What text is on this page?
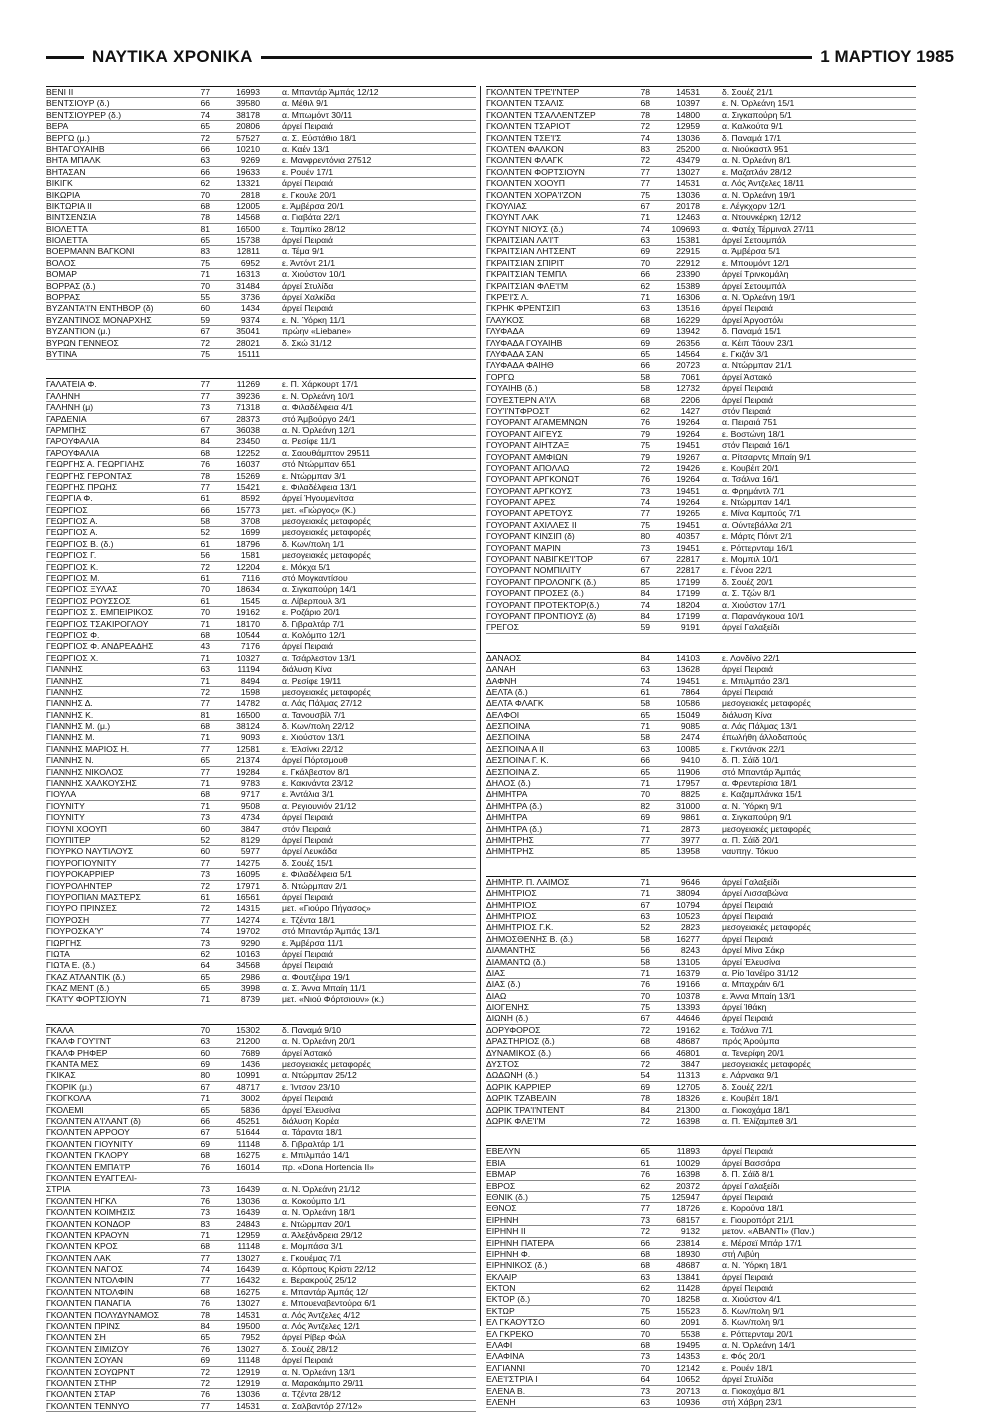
ΝΑΥΤΙΚΑ ΧΡΟΝΙΚΑ	1 ΜΑΡΤΙΟΥ 1985
ΒΕΝΙ ΙΙ	77	16993	α. Μπαντάρ Άμπάς 12/12
ΒΕΝΤΣΙΟΥΡ (δ.)	66	39580	α. Μέθιλ 9/1
ΒΕΝΤΣΙΟΥΡΕΡ (δ.)	74	38178	α. Μπωμόντ 30/11
ΒΕΡΑ	65	20806	άργεί Πειραιά
ΒΕΡΓΩ (μ.)	72	57527	α. Σ. Εύστάθιο 18/1
ΒΗΤΑΓΟΥΑΙΗΒ	66	10210	α. Καέν 13/1
ΒΗΤΑ ΜΠΑΛΚ	63	9269	ε. Μανφρεντόνια 27512
ΒΗΤΑΣΑΝ	66	19633	ε. Ρουέν 17/1
ΒΙΚΙΓΚ	62	13321	άργεί Πειραιά
ΒΙΚΩΡΙΑ	70	2818	ε. Γκουλε 20/1
ΒΙΚΤΩΡΙΑ ΙΙ	68	12005	ε. Άμβέρσα 20/1
ΒΙΝΤΣΕΝΣΙΑ	78	14568	α. Γιαβάτα 22/1
ΒΙΟΛΕΤΤΑ	81	16500	ε. Ταμπίκο 28/12
ΒΙΟΛΕΤΤΑ	65	15738	άργεί Πειραιά
ΒΟΕΡΜΑΝΝ ΒΑΓΚΟΝΙ	83	12811	α. Τέμα 9/1
ΒΟΛΟΣ	75	6952	ε. Άντόντ 21/1
ΒΟΜΑΡ	71	16313	α. Χιούστον 10/1
ΒΟΡΡΑΣ (δ.)	70	31484	άργεί Στυλίδα
ΒΟΡΡΑΣ	55	3736	άργεί Χαλκίδα
ΒΥΖΑΝΤΑ'Ι'Ν ΕΝΤΗΒΟΡ (δ)	60	1434	άργεί Πειραιά
ΒΥΖΑΝΤΙΝΟΣ ΜΟΝΑΡΧΗΣ	59	9374	ε. Ν. Ύόρκη 11/1
ΒΥΖΑΝΤΙΟΝ (μ.)	67	35041	πρώην «Liebane»
ΒΥΡΩΝ ΓΕΝΝΕΟΣ	72	28021	δ. Σκώ 31/12
ΒΥΤΙΝΑ	75	15111
ΓΑΛΑΤΕΙΑ Φ.	77	11269	ε. Π. Χάρκουρτ 17/1
ΓΑΛΗΝΗ	77	39236	ε. Ν. Όρλεάνη 10/1
ΓΑΛΗΝΗ (μ)	73	71318	α. Φιλαδέλφεια 4/1
ΓΑΡΔΕΝΙΑ	67	28373	στό Άμβούργο 24/1
ΓΑΡΜΠΗΣ	67	36038	α. Ν. Όρλεάνη 12/1
ΓΑΡΟΥΦΑΛΙΑ	84	23450	α. Ρεσίφε 11/1
ΓΑΡΟΥΦΑΛΙΑ	68	12252	α. Σαουθάμπτον 29511
ΓΕΩΡΓΗΣ Α. ΓΕΩΡΓΙΛΗΣ	76	16037	στό Ντώρμπαν 651
ΓΕΩΡΓΗΣ ΓΕΡΟΝΤΑΣ	78	15269	ε. Ντώρμπαν 3/1
ΓΕΩΡΓΗΣ ΠΡΩΗΣ	77	15421	ε. Φιλαδέλφεια 13/1
ΓΕΩΡΓΙΑ Φ.	61	8592	άργεί Ήγουμενίτσα
ΓΕΩΡΓΙΟΣ	66	15773	μετ. «Γιώργος» (Κ.)
ΓΕΩΡΓΙΟΣ Α.	58	3708	μεσογειακές μεταφορές
ΓΕΩΡΓΙΟΣ Α.	52	1699	μεσογειακές μεταφορές
ΓΕΩΡΓΙΟΣ Β. (δ.)	61	18796	δ. Κων/πολη 1/1
ΓΕΩΡΓΙΟΣ Γ.	56	1581	μεσογειακές μεταφορές
ΓΕΩΡΓΙΟΣ Κ.	72	12204	ε. Μόκχα 5/1
ΓΕΩΡΓΙΟΣ Μ.	61	7116	στό Μογκαντίσου
ΓΕΩΡΓΙΟΣ ΞΥΛΑΣ	70	18634	α. Σιγκαπούρη 14/1
ΓΕΩΡΓΙΟΣ ΡΟΥΣΣΟΣ	61	1545	α. Λίβερπουλ 3/1
ΓΕΩΡΓΙΟΣ Σ. ΕΜΠΕΙΡΙΚΟΣ	70	19162	ε. Ροζάριο 20/1
ΓΕΩΡΓΙΟΣ ΤΣΑΚΙΡΟΓΛΟΥ	71	18170	δ. Γιβραλτάρ 7/1
ΓΕΩΡΓΙΟΣ Φ.	68	10544	α. Κολόμπο 12/1
ΓΕΩΡΓΙΟΣ Φ. ΑΝΔΡΕΑΔΗΣ	43	7176	άργεί Πειραιά
ΓΕΩΡΓΙΟΣ Χ.	71	10327	α. Τσάρλεστον 13/1
ΓΙΑΝΝΗΣ	63	11194	διάλυση Κίνα
ΓΙΑΝΝΗΣ	71	8494	α. Ρεσίφε 19/11
ΓΙΑΝΝΗΣ	72	1598	μεσογειακές μεταφορές
ΓΙΑΝΝΗΣ Δ.	77	14782	α. Λάς Πάλμας 27/12
ΓΙΑΝΝΗΣ Κ.	81	16500	α. Τανουσβίλ 7/1
ΓΙΑΝΝΗΣ Μ. (μ.)	68	38124	δ. Κων/πολη 22/12
ΓΙΑΝΝΗΣ Μ.	71	9093	ε. Χιούστον 13/1
ΓΙΑΝΝΗΣ ΜΑΡΙΟΣ Η.	77	12581	ε. Έλσίνκι 22/12
ΓΙΑΝΝΗΣ Ν.	65	21374	άργεί Πόρτσμουθ
ΓΙΑΝΝΗΣ ΝΙΚΟΛΟΣ	77	19284	ε. Γκάλβεστον 8/1
ΓΙΑΝΝΗΣ ΧΑΛΚΟΥΣΗΣ	71	9783	ε. Κακινάντα 23/12
ΓΙΟΥΛΑ	68	9717	ε. Άντάλια 3/1
ΓΙΟΥΝΙΤΥ	71	9508	α. Ρεγιουνιόν 21/12
ΓΙΟΥΝΙΤΥ	73	4734	άργεί Πειραιά
ΓΙΟΥΝΙ ΧΟΟΥΠ	60	3847	στόν Πειραιά
ΓΙΟΥΠΙΤΕΡ	52	8129	άργεί Πειραιά
ΓΙΟΥΡΚΟ ΝΑΥΤΙΛΟΥΣ	60	5977	άργεί Λευκάδα
ΓΙΟΥΡΟΓΙΟΥΝΙΤΥ	77	14275	δ. Σουέζ 15/1
ΓΙΟΥΡΟΚΑΡΡΙΕΡ	73	16095	ε. Φιλαδέλφεια 5/1
ΓΙΟΥΡΟΛΗΝΤΕΡ	72	17971	δ. Ντώρμπαν 2/1
ΓΙΟΥΡΟΠΙΑΝ ΜΑΣΤΕΡΣ	61	16561	άργεί Πειραιά
ΓΙΟΥΡΟ ΠΡΙΝΣΕΣ	72	14315	μετ. «Γιούρο Πήγασος»
ΓΙΟΥΡΟΣΗ	77	14274	ε. Τζέντα 18/1
ΓΙΟΥΡΟΣΚΑ'Υ'	74	19702	στό Μπαντάρ Άμπάς 13/1
ΓΙΩΡΓΗΣ	73	9290	ε. Άμβέρσα 11/1
ΓΙΩΤΑ	62	10163	άργεί Πειραιά
ΓΙΩΤΑ Ε. (δ.)	64	34568	άργεί Πειραιά
ΓΚΑΖ ΑΤΛΑΝΤΙΚ (δ.)	65	2986	α. Φουτζέιρα 19/1
ΓΚΑΖ ΜΕΝΤ (δ.)	65	3998	α. Σ. Άννα Μπαίη 11/1
ΓΚΑ'Ι'Υ ΦΟΡΤΣΙΟΥΝ	71	8739	μετ. «Νιού Φόρτσιουν» (κ.)
ΓΚΑΛΑ	70	15302	δ. Παναμά 9/10
ΓΚΑΛΦ ΓΟΥ'Ι'ΝΤ	63	21200	α. Ν. Όρλεάνη 20/1
ΓΚΑΛΦ ΡΗΦΕΡ	60	7689	άργεί Άστακό
ΓΚΑΝΤΑ ΜΕΣ	69	1436	μεσογειακές μεταφορές
ΓΚΙΚΑΣ	80	10991	α. Ντώρμπαν 25/12
ΓΚΟΡΙΚ (μ.)	67	48717	ε. Ίντσον 23/10
ΓΚΟΓΚΟΛΑ	71	3002	άργεί Πειραιά
ΓΚΟΛΕΜΙ	65	5836	άργεί Έλευσίνα
ΓΚΟΛΝΤΕΝ Α'Ι'ΛΑΝΤ (δ)	66	45251	διάλυση Κορέα
ΓΚΟΛΝΤΕΝ ΑΡΡΟΟΥ	67	51644	α. Τάραντα 18/1
ΓΚΟΛΝΤΕΝ ΓΙΟΥΝΙΤΥ	69	11148	δ. Γιβραλτάρ 1/1
ΓΚΟΛΝΤΕΝ ΓΚΛΟΡΥ	68	16275	ε. Μπιλμπάο 14/1
ΓΚΟΛΝΤΕΝ ΕΜΠΑ'Ι'Ρ	76	16014	πρ. «Dona Hortencia II»
ΓΚΟΛΝΤΕΝ ΕΥΑΓΓΕΛΙ-
ΣΤΡΙΑ	73	16439	α. Ν. Όρλεάνη 21/12
ΓΚΟΛΝΤΕΝ ΗΓΚΛ	76	13036	α. Κοκούμπο 1/1
ΓΚΟΛΝΤΕΝ ΚΟΙΜΗΣΙΣ	73	16439	α. Ν. Όρλεάνη 18/1
ΓΚΟΛΝΤΕΝ ΚΟΝΔΟΡ	83	24843	ε. Ντώρμπαν 20/1
ΓΚΟΛΝΤΕΝ ΚΡΑΟΥΝ	71	12959	α. Άλεξάνδρεια 29/12
ΓΚΟΛΝΤΕΝ ΚΡΟΣ	68	11148	ε. Μομπάσα 3/1
ΓΚΟΛΝΤΕΝ ΛΑΚ	77	13027	ε. Γκουέμας 7/1
ΓΚΟΛΝΤΕΝ ΝΑΓΟΣ	74	16439	α. Κόρπους Κρίστι 22/12
ΓΚΟΛΝΤΕΝ ΝΤΟΛΦΙΝ	77	16432	ε. Βερακρούζ 25/12
ΓΚΟΛΝΤΕΝ ΝΤΟΛΦΙΝ	68	16275	ε. Μπαντάρ Άμπάς 12/
ΓΚΟΛΝΤΕΝ ΠΑΝΑΓΙΑ	76	13027	ε. Μπουεναβεντούρα 6/1
ΓΚΟΛΝΤΕΝ ΠΟΛΥΔΥΝΑΜΟΣ	78	14531	α. Λός Άντζελες 4/12
ΓΚΟΛΝΤΕΝ ΠΡΙΝΣ	84	19500	α. Λός Άντζελες 12/1
ΓΚΟΛΝΤΕΝ ΣΗ	65	7952	άργεί Ρίβερ Φώλ
ΓΚΟΛΝΤΕΝ ΣΙΜΙΖΟΥ	76	13027	δ. Σουέζ 28/12
ΓΚΟΛΝΤΕΝ ΣΟΥΑΝ	69	11148	άργεί Πειραιά
ΓΚΟΛΝΤΕΝ ΣΟΥΩΡΝΤ	72	12919	α. Ν. Όρλεάνη 13/1
ΓΚΟΛΝΤΕΝ ΣΤΗΡ	72	12919	α. Μαρακάιμπο 29/11
ΓΚΟΛΝΤΕΝ ΣΤΑΡ	76	13036	α. Τζέντα 28/12
ΓΚΟΛΝΤΕΝ ΤΕΝΝΥΟ	77	14531	α. Σαλβαντόρ 27/12»
ΓΚΟΛΝΤΕΝ ΤΡΕ'Ι'ΝΤΕΡ	78	14531	δ. Σουέζ 21/1
ΓΚΟΛΝΤΕΝ ΤΣΑΛΙΣ	68	10397	ε. Ν. Όρλεάνη 15/1
ΓΚΟΛΝΤΕΝ ΤΣΑΛΛΕΝΤΖΕΡ	78	14800	α. Σιγκαπούρη 5/1
ΓΚΟΛΝΤΕΝ ΤΣΑΡΙΟΤ	72	12959	α. Καλκούτα 9/1
ΓΚΟΛΝΤΕΝ ΤΣΕ'Ι'Σ	74	13036	δ. Παναμά 17/1
ΓΚΟΛΤΕΝ ΦΑΛΚΟΝ	83	25200	α. Νιούκαστλ 951
ΓΚΟΛΝΤΕΝ ΦΛΑΓΚ	72	43479	α. Ν. Όρλεάνη 8/1
ΓΚΟΛΝΤΕΝ ΦΟΡΤΣΙΟΥΝ	77	13027	ε. Μαζατλάν 28/12
ΓΚΟΛΝΤΕΝ ΧΟΟΥΠ	77	14531	α. Λός Άντζελες 18/11
ΓΚΟΛΝΤΕΝ ΧΟΡΑ'Ι'ΖΟΝ	75	13036	α. Ν. Όρλεάνη 19/1
ΓΚΟΥΛΙΑΣ	67	20178	ε. Λέγκχορν 12/1
ΓΚΟΥΝΤ ΛΑΚ	71	12463	α. Ντουνκέρκη 12/12
ΓΚΟΥΝΤ ΝΙΟΥΣ (δ.)	74	109693	α. Φατέχ Τέρμιναλ 27/11
ΓΚΡΑΙΤΣΙΑΝ ΛΑ'Ι'Τ	63	15381	άργεί Σετουμπάλ
ΓΚΡΑΙΤΣΙΑΝ ΛΗΤΣΕΝΤ	69	22915	α. Άμβέρσα 5/1
ΓΚΡΑΙΤΣΙΑΝ ΣΠΙΡΙΤ	70	22912	ε. Μπουμόντ 12/1
ΓΚΡΑΙΤΣΙΑΝ ΤΕΜΠΛ	66	23390	άργεί Τρινκομάλη
ΓΚΡΑΙΤΣΙΑΝ ΦΛΕ'Ι'Μ	62	15389	άργεί Σετουμπάλ
ΓΚΡΕ'Ι'Σ Λ.	71	16306	α. Ν. Όρλεάνη 19/1
ΓΚΡΗΚ ΦΡΕΝΤΣΙΠ	63	13516	άργεί Πειραιά
ΓΛΑΥΚΟΣ	68	16229	άργεί Άργοστόλι
ΓΛΥΦΑΔΑ	69	13942	δ. Παναμά 15/1
ΓΛΥΦΑΔΑ ΓΟΥΑΙΗΒ	69	26356	α. Κέιπ Τάουν 23/1
ΓΛΥΦΑΔΑ ΣΑΝ	65	14564	ε. Γκιζάν 3/1
ΓΛΥΦΑΔΑ ΦΑΙΗΘ	66	20723	α. Ντώρμπαν 21/1
ΓΟΡΓΩ	58	7061	άργεί Άστακό
ΓΟΥΑΙΗΒ (δ.)	58	12732	άργεί Πειραιά
ΓΟΥΕΣΤΕΡΝ Α'Ι'Λ	68	2206	άργεί Πειραιά
ΓΟΥ'Ι'ΝΤΦΡΟΣΤ	62	1427	στόν Πειραιά
ΓΟΥΟΡΑΝΤ ΑΓΑΜΕΜΝΩΝ	76	19264	α. Πειραιά 751
ΓΟΥΟΡΑΝΤ ΑΙΓΕΥΣ	79	19264	ε. Βοστώνη 18/1
ΓΟΥΟΡΑΝΤ ΑΙΗΤΖΑΞ	75	19451	στόν Πειραιά 16/1
ΓΟΥΟΡΑΝΤ ΑΜΦΙΩΝ	79	19267	α. Ρίτσαρντς Μπαίη 9/1
ΓΟΥΟΡΑΝΤ ΑΠΟΛΛΩ	72	19426	ε. Κουβέιτ 20/1
ΓΟΥΟΡΑΝΤ ΑΡΓΚΟΝΩΤ	76	19264	α. Τσάλνα 16/1
ΓΟΥΟΡΑΝΤ ΑΡΓΚΟΥΣ	73	19451	α. Φρημάντλ 7/1
ΓΟΥΟΡΑΝΤ ΑΡΕΣ	74	19264	ε. Ντώρμπαν 14/1
ΓΟΥΟΡΑΝΤ ΑΡΕΤΟΥΣ	77	19265	ε. Μίνα Καμπούς 7/1
ΓΟΥΟΡΑΝΤ ΑΧΙΛΛΕΣ ΙΙ	75	19451	α. Ούντεβάλλα 2/1
ΓΟΥΟΡΑΝΤ ΚΙΝΣΙΠ (δ)	80	40357	ε. Μάρτς Πόιντ 2/1
ΓΟΥΟΡΑΝΤ ΜΑΡΙΝ	73	19451	ε. Ρόττερνταμ 16/1
ΓΟΥΟΡΑΝΤ ΝΑΒΙΓΚΕ'Ι'ΤΟΡ	67	22817	ε. Μομπιλ 10/1
ΓΟΥΟΡΑΝΤ ΝΟΜΠΙΛΙΤΥ	67	22817	ε. Γένοα 22/1
ΓΟΥΟΡΑΝΤ ΠΡΟΛΟΝΓΚ (δ.)	85	17199	δ. Σουέζ 20/1
ΓΟΥΟΡΑΝΤ ΠΡΟΣΕΣ (δ.)	84	17199	α. Σ. Τζών 8/1
ΓΟΥΟΡΑΝΤ ΠΡΟΤΕΚΤΟΡ(δ.)	74	18204	α. Χιούστον 17/1
ΓΟΥΟΡΑΝΤ ΠΡΟΝΤΙΟΥΣ (δ)	84	17199	α. Παρανάγκουα 10/1
ΓΡΕΓΟΣ	59	9191	άργεί Γαλαξείδι
ΔΑΝΑΟΣ	84	14103	ε. Λονδίνο 22/1
ΔΑΝΑΗ	63	13628	άργεί Πειραιά
ΔΑΦΝΗ	74	19451	ε. Μπιλμπάο 23/1
ΔΕΛΤΑ (δ.)	61	7864	άργεί Πειραιά
ΔΕΛΤΑ ΦΛΑΓΚ	58	10586	μεσογειακές μεταφορές
ΔΕΛΦΟΙ	65	15049	διάλυση Κίνα
ΔΕΣΠΟΙΝΑ	71	9085	α. Λάς Πάλμας 13/1
ΔΕΣΠΟΙΝΑ	58	2474	έπωλήθη άλλοδαπούς
ΔΕΣΠΟΙΝΑ Α ΙΙ	63	10085	ε. Γκντάνσκ 22/1
ΔΕΣΠΟΙΝΑ Γ. Κ.	66	9410	δ. Π. Σάϊδ 10/1
ΔΕΣΠΟΙΝΑ Ζ.	65	11906	στό Μπαντάρ Άμπάς
ΔΗΛΟΣ (δ.)	71	17957	α. Φρεντερίσια 18/1
ΔΗΜΗΤΡΑ	70	8825	ε. Καζαμπλάνκα 15/1
ΔΗΜΗΤΡΑ (δ.)	82	31000	α. Ν. Ύόρκη 9/1
ΔΗΜΗΤΡΑ	69	9861	α. Σιγκαπούρη 9/1
ΔΗΜΗΤΡΑ (δ.)	71	2873	μεσογειακές μεταφορές
ΔΗΜΗΤΡΗΣ	77	3977	α. Π. Σάϊδ 20/1
ΔΗΜΗΤΡΗΣ	85	13958	ναυπηγ. Τόκυο
ΔΗΜΗΤΡ. Π. ΛΑΙΜΟΣ	71	9646	άργεί Γαλαξείδι
ΔΗΜΗΤΡΙΟΣ	71	38094	άργεί Λισσαβώνα
ΔΗΜΗΤΡΙΟΣ	67	10794	άργεί Πειραιά
ΔΗΜΗΤΡΙΟΣ	63	10523	άργεί Πειραιά
ΔΗΜΗΤΡΙΟΣ Γ.Κ.	52	2823	μεσογειακές μεταφορές
ΔΗΜΟΣΘΕΝΗΣ Β. (δ.)	58	16277	άργεί Πειραιά
ΔΙΑΜΑΝΤΗΣ	56	8243	άργεί Μίνα Σάκρ
ΔΙΑΜΑΝΤΩ (δ.)	58	13105	άργεί Έλευσίνα
ΔΙΑΣ	71	16379	α. Ρίο Ίανέϊρο 31/12
ΔΙΑΣ (δ.)	76	19166	α. Μπαχράιν 6/1
ΔΙΑΩ	70	10378	ε. Άννα Μπαίη 13/1
ΔΙΟΓΕΝΗΣ	75	13393	άργεί Ίθάκη
ΔΙΩΝΗ (δ.)	67	44646	άργεί Πειραιά
ΔΟΡΥΦΟΡΟΣ	72	19162	ε. Τσάλνα 7/1
ΔΡΑΣΤΗΡΙΟΣ (δ.)	68	48687	πρός Άρούμπα
ΔΥΝΑΜΙΚΟΣ (δ.)	66	46801	α. Τενερίφη 20/1
ΔΥΣΤΟΣ	72	3847	μεσογειακές μεταφορές
ΔΩΔΩΝΗ (δ.)	54	11313	ε. Λάρνακα 9/1
ΔΩΡΙΚ ΚΑΡΡΙΕΡ	69	12705	δ. Σουέζ 22/1
ΔΩΡΙΚ ΤΖΑΒΕΛΙΝ	78	18326	ε. Κουβέιτ 18/1
ΔΩΡΙΚ ΤΡΑ'Ι'ΝΤΕΝΤ	84	21300	α. Γιοκοχάμα 18/1
ΔΩΡΙΚ ΦΛΕ'Ι'Μ	72	16398	α. Π. Έλίζαμπεθ 3/1
ΕΒΕΛΥΝ	65	11893	άργεί Πειραιά
ΕΒΙΑ	61	10029	άργεί Βασσάρα
ΕΒΜΑΡ	76	16398	δ. Π. Σάϊδ 8/1
ΕΒΡΟΣ	62	20372	άργεί Γαλαξείδι
ΕΘΝΙΚ (δ.)	75	125947	άργεί Πειραιά
ΕΘΝΟΣ	77	18726	ε. Κορούνα 18/1
ΕΙΡΗΝΗ	73	68157	ε. Γιουροπόρτ 21/1
ΕΙΡΗΝΗ ΙΙ	72	9132	μετον. «ΑΒΑΝΤΙ» (Παν.)
ΕΙΡΗΝΗ ΠΑΤΕΡΑ	66	23814	ε. Μέρσεϊ Μπάρ 17/1
ΕΙΡΗΝΗ Φ.	68	18930	στή Λιβύη
ΕΙΡΗΝΙΚΟΣ (δ.)	68	48687	α. Ν. Ύόρκη 18/1
ΕΚΛΑΙΡ	63	13841	άργεί Πειραιά
ΕΚΤΟΝ	62	11428	άργεί Πειραιά
ΕΚΤΟΡ (δ.)	70	18258	α. Χιούστον 4/1
ΕΚΤΩΡ	75	15523	δ. Κων/πολη 9/1
ΕΛ ΓΚΑΟΥΤΣΟ	60	2091	δ. Κων/πολη 9/1
ΕΛ ΓΚΡΕΚΟ	70	5538	ε. Ρόττερνταμ 20/1
ΕΛΑΦΙ	68	19495	α. Ν. Όρλεάνη 14/1
ΕΛΑΦΙΝΑ	73	14353	ε. Φός 20/1
ΕΛΓΙΑΝΝΙ	70	12142	ε. Ρουέν 18/1
ΕΛΕ'Ι'ΣΤΡΙΑ Ι	64	10652	άργεί Στυλίδα
ΕΛΕΝΑ Β.	73	20713	α. Γιοκοχάμα 8/1
ΕΛΕΝΗ	63	10936	στή Χάβρη 23/1
